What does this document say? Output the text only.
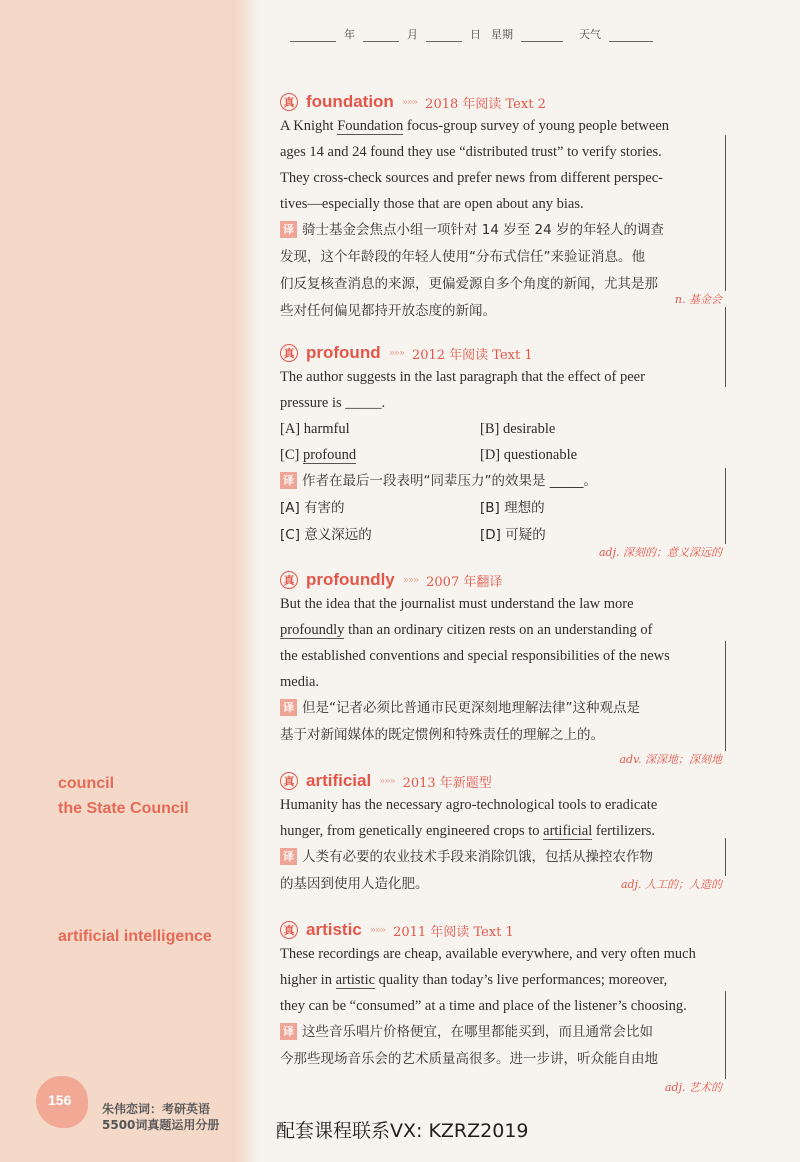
council
the State Council
artificial intelligence
年	月	日 星期	天气
真 foundation »»» 2018 年阅读 Text 2

A Knight Foundation focus-group survey of young people between

ages 14 and 24 found they use “distributed trust” to verify stories.

They cross-check sources and prefer news from different perspec-

tives—especially those that are open about any bias.

译 骑士基金会焦点小组一项针对 14 岁至 24 岁的年轻人的调查

发现，这个年龄段的年轻人使用“分布式信任”来验证消息。他

们反复核查消息的来源，更偏爱源自多个角度的新闻，尤其是那

些对任何偏见都持开放态度的新闻。

n. 基金会
真 profound »»» 2012 年阅读 Text 1

The author suggests in the last paragraph that the effect of peer

pressure is _____.

[A] harmful	[B] desirable
[C] profound	[D] questionable

译 作者在最后一段表明“同辈压力”的效果是 _____。

[A] 有害的	[B] 理想的
[C] 意义深远的	[D] 可疑的
adj. 深刻的；意义深远的
真 profoundly »»» 2007 年翻译

But the idea that the journalist must understand the law more

profoundly than an ordinary citizen rests on an understanding of

the established conventions and special responsibilities of the news

media.

译 但是“记者必须比普通市民更深刻地理解法律”这种观点是

基于对新闻媒体的既定惯例和特殊责任的理解之上的。

adv. 深深地；深刻地
真 artificial »»» 2013 年新题型

Humanity has the necessary agro-technological tools to eradicate

hunger, from genetically engineered crops to artificial fertilizers.

译 人类有必要的农业技术手段来消除饥饿，包括从操控农作物

的基因到使用人造化肥。	adj. 人工的；人造的
真 artistic »»» 2011 年阅读 Text 1

These recordings are cheap, available everywhere, and very often much

higher in artistic quality than today’s live performances; moreover,

they can be “consumed” at a time and place of the listener’s choosing.

译 这些音乐唱片价格便宜，在哪里都能买到，而且通常会比如

今那些现场音乐会的艺术质量高很多。进一步讲，听众能自由地

adj. 艺术的
156
朱伟恋词：考研英语
5500词真题运用分册	配套课程联系VX: KZRZ2019
